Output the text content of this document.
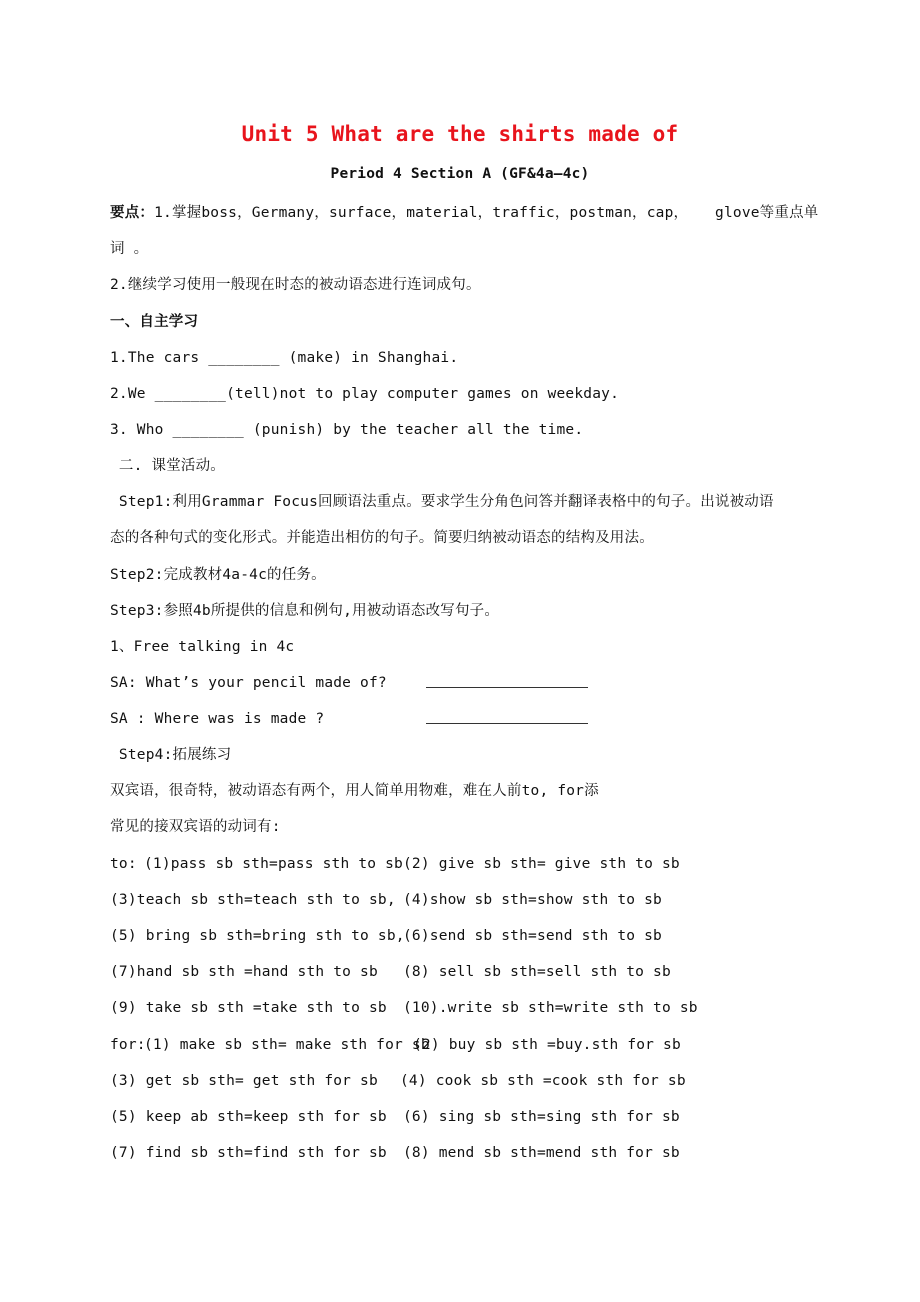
Unit 5 What are the shirts made of
Period 4 Section A (GF&4a—4c)
要点：1.掌握boss，Germany，surface，material，traffic，postman，cap，   glove等重点单
词 。
2.继续学习使用一般现在时态的被动语态进行连词成句。
一、自主学习
1.The cars ________ (make) in Shanghai.
2.We ________(tell)not to play computer games on weekday.
3. Who ________ (punish) by the teacher all the time.
二. 课堂活动。
Step1:利用Grammar Focus回顾语法重点。要求学生分角色问答并翻译表格中的句子。出说被动语
态的各种句式的变化形式。并能造出相仿的句子。简要归纳被动语态的结构及用法。
Step2:完成教材4a-4c的任务。
Step3:参照4b所提供的信息和例句,用被动语态改写句子。
1、Free talking in 4c
SA: What’s your pencil made of?
SA : Where was is made ?
Step4:拓展练习
双宾语，很奇特，被动语态有两个，用人简单用物难，难在人前to, for添
常见的接双宾语的动词有:
to: (1)pass sb sth=pass sth to sb (2) give sb sth= give sth to sb
(3)teach sb sth=teach sth to sb, (4)show sb sth=show sth to sb
(5) bring sb sth=bring sth to sb,
(6)send sb sth=send sth to sb
(7)hand sb sth =hand sth to sb (8) sell sb sth=sell sth to sb
(9) take sb sth =take sth to sb (10).write sb sth=write sth to sb
for:
(1) make sb sth= make sth for sb
(2) buy sb sth =buy.sth for sb
(3) get sb sth= get sth for sb (4) cook sb sth =cook sth for sb
(5) keep ab sth=keep sth for sb (6) sing sb sth=sing sth for sb
(7) find sb sth=find sth for sb (8) mend sb sth=mend sth for sb
